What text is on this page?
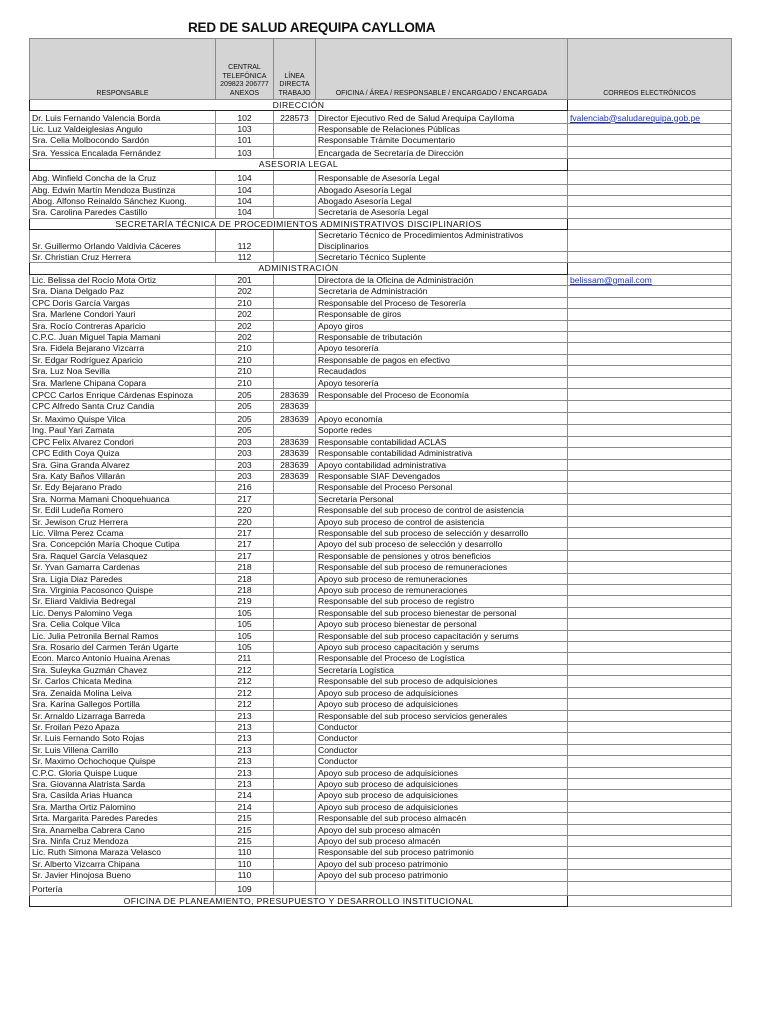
RED DE SALUD AREQUIPA CAYLLOMA
RESPONSABLE	CENTRAL TELEFÓNICA 209823 206777 ANEXOS	LÍNEA DIRECTA TRABAJO	OFICINA / ÁREA / RESPONSABLE / ENCARGADO / ENCARGADA	CORREOS ELECTRÓNICOS
DIRECCIÓN				
Dr. Luis Fernando Valencia Borda	102	228573	Director Ejecutivo Red de Salud Arequipa Caylloma	fvalenciab@saludarequipa.gob.pe
Lic. Luz Valdeiglesias Angulo	103		Responsable de Relaciones Públicas	
Sra. Celia Molbocondo Sardón	101		Responsable Trámite Documentario	
Sra. Yessica Encalada Fernández	103		Encargada de Secretaría de Dirección	
ASESORIA LEGAL				
Abg. Winfield Concha de la Cruz	104		Responsable de Asesoría Legal	
Abg. Edwin Martín Mendoza Bustinza	104		Abogado Asesoría Legal	
Abog. Alfonso Reinaldo Sánchez Kuong.	104		Abogado Asesoría Legal	
Sra. Carolina Paredes Castillo	104		Secretaria de Asesoría Legal	
SECRETARÍA TÉCNICA DE PROCEDIMIENTOS ADMINISTRATIVOS DISCIPLINARIOS				
Sr. Guillermo Orlando Valdivia Cáceres	112		Secretario Técnico de Procedimientos Administrativos Disciplinarios	
Sr. Christian Cruz Herrera	112		Secretario Técnico Suplente	
ADMINISTRACIÓN				
Lic. Belissa del Rocío Mota Ortiz	201		Directora de la Oficina de Administración	belissam@gmail.com
Sra. Diana Delgado Paz	202		Secretaria de Administración	
CPC Doris García Vargas	210		Responsable del Proceso de Tesorería	
Sra. Marlene Condori Yauri	202		Responsable de giros	
Sra. Rocío Contreras Aparicio	202		Apoyo giros	
C.P.C. Juan Miguel Tapia Mamani	202		Responsable de tributación	
Sra. Fidela Bejarano Vizcarra	210		Apoyo tesorería	
Sr. Edgar Rodríguez Aparicio	210		Responsable de pagos en efectivo	
Sra. Luz Noa Sevilla	210		Recaudados	
Sra. Marlene Chipana Copara	210		Apoyo tesorería	
CPCC Carlos Enrique Cárdenas Espinoza	205	283639	Responsable del Proceso de Economía	
CPC Alfredo Santa Cruz Candia	205	283639		
Sr. Maximo Quispe Vilca	205	283639	Apoyo economía	
Ing. Paul Yari Zamata	205		Soporte redes	
CPC Felix Alvarez Condori	203	283639	Responsable contabilidad ACLAS	
CPC Edith Coya Quiza	203	283639	Responsable contabilidad Administrativa	
Sra. Gina Granda Alvarez	203	283639	Apoyo contabilidad administrativa	
Sra. Katy Baños Villarán	203	283639	Responsable SIAF Devengados	
Sr. Edy Bejarano Prado	216		Responsable del Proceso Personal	
Sra. Norma Mamani Choquehuanca	217		Secretaria Personal	
Sr. Edil Ludeña Romero	220		Responsable del sub proceso de control de asistencia	
Sr. Jewison Cruz Herrera	220		Apoyo sub proceso de control de asistencia	
Lic. Vilma Perez Ccama	217		Responsable del sub proceso de selección y desarrollo	
Sra. Concepción María Choque Cutipa	217		Apoyo del sub proceso de selección y desarrollo	
Sra. Raquel García Velasquez	217		Responsable de pensiones y otros beneficios	
Sr. Yvan Gamarra Cardenas	218		Responsable del sub proceso de remuneraciones	
Sra. Ligia Diaz Paredes	218		Apoyo sub proceso de remuneraciones	
Sra. Virginia Pacosonco Quispe	218		Apoyo sub proceso de remuneraciones	
Sr. Eliard Valdivia Bedregal	219		Responsable del sub proceso de registro	
Lic. Denys Palomino Vega	105		Responsable del sub proceso bienestar de personal	
Sra. Celia Colque Vilca	105		Apoyo sub proceso bienestar de personal	
Lic. Julia Petronila Bernal Ramos	105		Responsable del sub proceso capacitación y serums	
Sra. Rosario del Carmen Terán Ugarte	105		Apoyo sub proceso capacitación y serums	
Econ. Marco Antonio Huaina Arenas	211		Responsable del Proceso de Logística	
Sra. Suleyka Guzmán Chavez	212		Secretaria Logística	
Sr. Carlos Chicata Medina	212		Responsable del sub proceso de adquisiciones	
Sra. Zenaida Molina Leiva	212		Apoyo sub proceso de adquisiciones	
Sra. Karina Gallegos Portilla	212		Apoyo sub proceso de adquisiciones	
Sr. Arnaldo Lizarraga Barreda	213		Responsable del sub proceso servicios generales	
Sr. Froilan Pezo Apaza	213		Conductor	
Sr. Luis Fernando Soto Rojas	213		Conductor	
Sr. Luis Villena Carrillo	213		Conductor	
Sr. Maximo Ochochoque Quispe	213		Conductor	
C.P.C. Gloria Quispe Luque	213		Apoyo sub proceso de adquisiciones	
Sra. Giovanna Alatrista Sarda	213		Apoyo sub proceso de adquisiciones	
Sra. Casilda Arias Huanca	214		Apoyo sub proceso de adquisiciones	
Sra. Martha Ortiz Palomino	214		Apoyo sub proceso de adquisiciones	
Srta. Margarita Paredes Paredes	215		Responsable del sub proceso almacén	
Sra. Anamelba Cabrera Cano	215		Apoyo del sub proceso almacén	
Sra. Ninfa Cruz Mendoza	215		Apoyo del sub proceso almacén	
Lic. Ruth Simona Maraza Velasco	110		Responsable del sub proceso patrimonio	
Sr. Alberto Vizcarra Chipana	110		Apoyo del sub proceso patrimonio	
Sr. Javier Hinojosa Bueno	110		Apoyo del sub proceso patrimonio	
Portería	109			
OFICINA DE PLANEAMIENTO, PRESUPUESTO Y DESARROLLO INSTITUCIONAL				
